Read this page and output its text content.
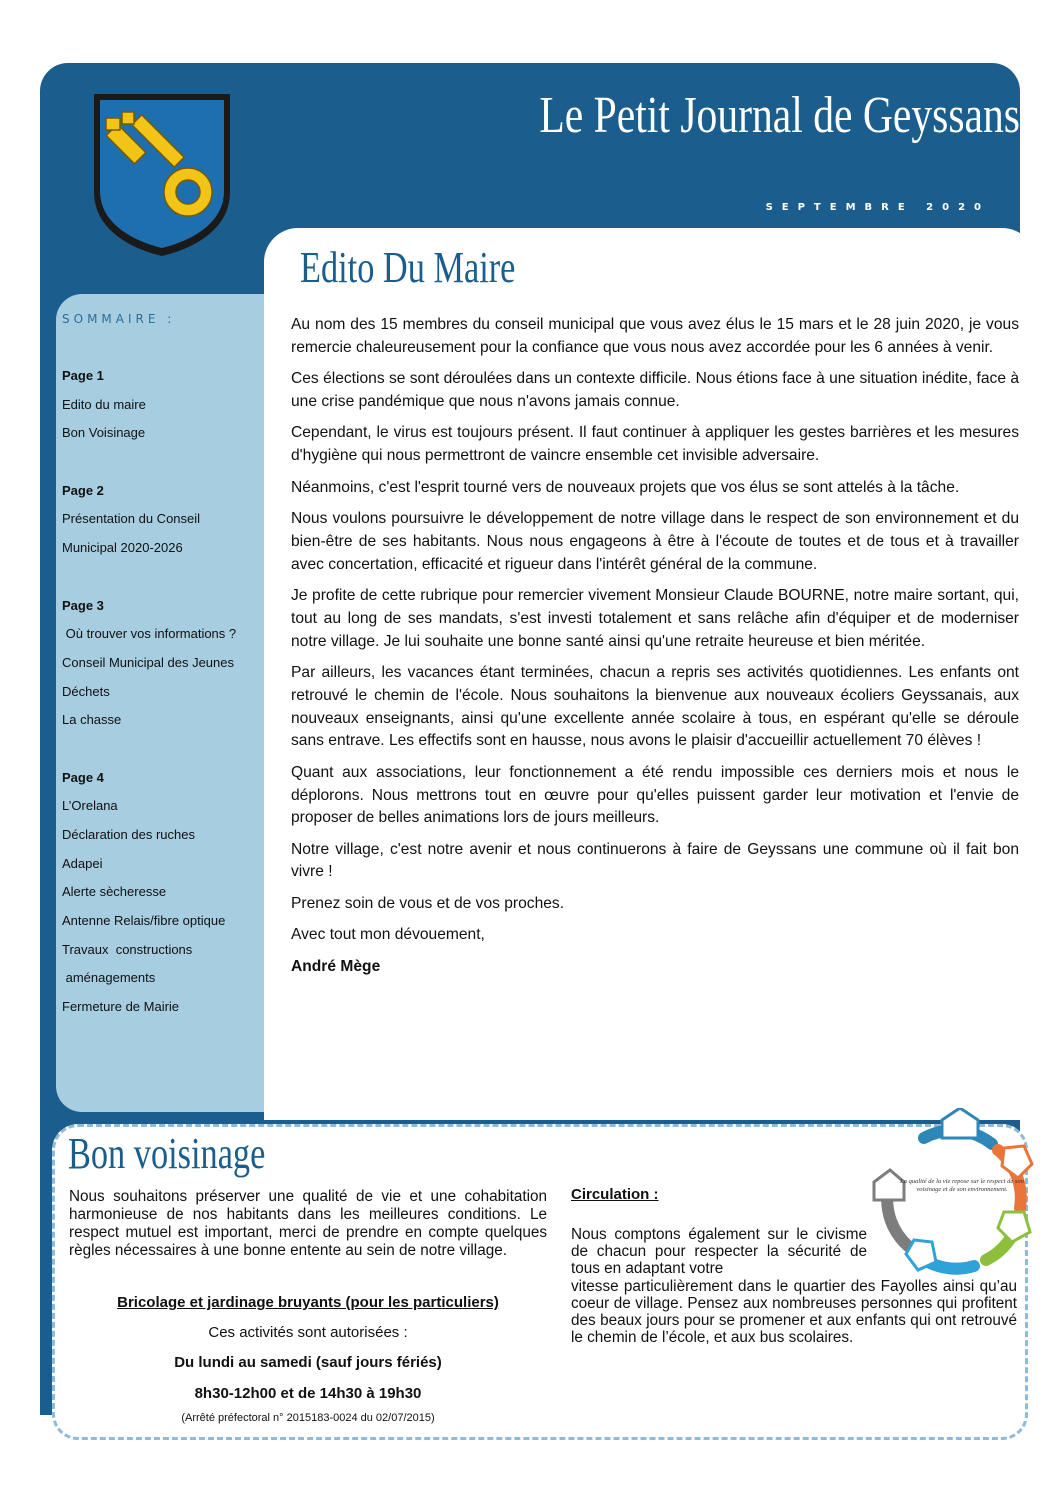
Le Petit Journal de Geyssans
SEPTEMBRE 2020
SOMMAIRE :
Page 1
Edito du maire
Bon Voisinage
Page 2
Présentation du Conseil
Municipal 2020-2026
Page 3
Où trouver vos informations ?
Conseil Municipal des Jeunes
Déchets
La chasse
Page 4
L’Orelana
Déclaration des ruches
Adapei
Alerte sècheresse
Antenne Relais/fibre optique
Travaux  constructions
aménagements
Fermeture de Mairie
Edito Du Maire

Au nom des 15 membres du conseil municipal que vous avez élus le 15 mars et le 28 juin 2020, je vous remercie chaleureusement pour la confiance que vous nous avez accordée pour les 6 années à venir.

Ces élections se sont déroulées dans un contexte difficile. Nous étions face à une situation inédite, face à une crise pandémique que nous n'avons jamais connue.

Cependant, le virus est toujours présent. Il faut continuer à appliquer les gestes barrières et les mesures d'hygiène qui nous permettront de vaincre ensemble cet invisible adversaire.

Néanmoins, c'est l'esprit tourné vers de nouveaux projets que vos élus se sont attelés à la tâche.

Nous voulons poursuivre le développement de notre village dans le respect de son environnement et du bien-être de ses habitants. Nous nous engageons à être à l'écoute de toutes et de tous et à travailler avec concertation, efficacité et rigueur dans l'intérêt général de la commune.

Je profite de cette rubrique pour remercier vivement Monsieur Claude BOURNE, notre maire sortant, qui, tout au long de ses mandats, s'est investi totalement et sans relâche afin d'équiper et de moderniser notre village. Je lui souhaite une bonne santé ainsi qu'une retraite heureuse et bien méritée.

Par ailleurs, les vacances étant terminées, chacun a repris ses activités quotidiennes. Les enfants ont retrouvé le chemin de l'école. Nous souhaitons la bienvenue aux nouveaux écoliers Geyssanais, aux nouveaux enseignants, ainsi qu'une excellente année scolaire à tous, en espérant qu'elle se déroule sans entrave. Les effectifs sont en hausse, nous avons le plaisir d'accueillir actuellement 70 élèves !

Quant aux associations, leur fonctionnement a été rendu impossible ces derniers mois et nous le déplorons. Nous mettrons tout en œuvre pour qu'elles puissent garder leur motivation et l'envie de proposer de belles animations lors de jours meilleurs.

Notre village, c'est notre avenir et nous continuerons à faire de Geyssans une commune où il fait bon vivre !

Prenez soin de vous et de vos proches.

Avec tout mon dévouement,

André Mège

Bon voisinage
Nous souhaitons préserver une qualité de vie et une cohabitation harmonieuse de nos habitants dans les meilleures conditions. Le respect mutuel est important, merci de prendre en compte quelques règles nécessaires à une bonne entente au sein de notre village.
Bricolage et jardinage bruyants (pour les particuliers)
Ces activités sont autorisées :
Du lundi au samedi (sauf jours fériés)
8h30-12h00 et de 14h30 à 19h30
(Arrêté préfectoral n° 2015183-0024 du 02/07/2015)
Circulation :
Nous comptons également sur le civisme de chacun pour respecter la sécurité de tous en adaptant votre
vitesse particulièrement dans le quartier des Fayolles ainsi qu’au coeur de village. Pensez aux nombreuses personnes qui profitent des beaux jours pour se promener et aux enfants qui ont retrouvé le chemin de l’école, et aux bus scolaires.
La qualité de la vie repose sur le respect de son voisinage et de son environnement.
